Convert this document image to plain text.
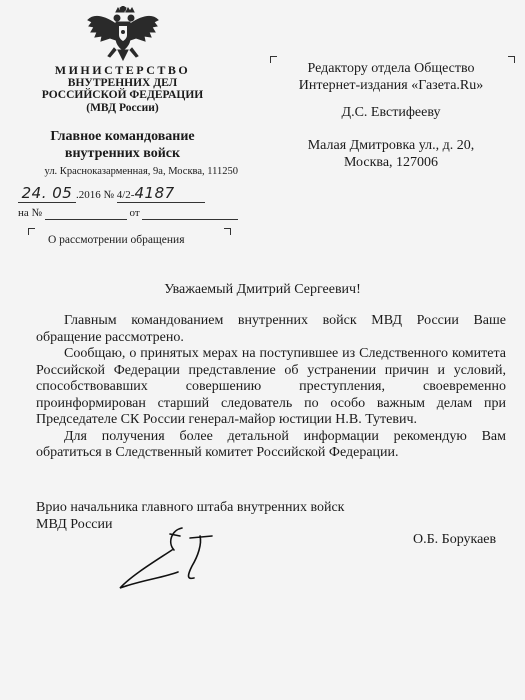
МИНИСТЕРСТВО
ВНУТРЕННИХ ДЕЛ
РОССИЙСКОЙ ФЕДЕРАЦИИ
(МВД России)
Главное командование
внутренних войск
ул. Красноказарменная, 9а, Москва, 111250
24. 05 .2016 № 4/2-4187
на №	от
О рассмотрении обращения
Редактору отдела Общество
Интернет-издания «Газета.Ru»
Д.С. Евстифееву
Малая Дмитровка ул., д. 20,
Москва, 127006
Уважаемый Дмитрий Сергеевич!

Главным командованием внутренних войск МВД России Ваше обращение рассмотрено.

Сообщаю, о принятых мерах на поступившее из Следственного комитета Российской Федерации представление об устранении причин и условий, способствовавших совершению преступления, своевременно проинформирован старший следователь по особо важным делам при Председателе СК России генерал-майор юстиции Н.В. Тутевич.

Для получения более детальной информации рекомендую Вам обратиться в Следственный комитет Российской Федерации.

Врио начальника главного штаба внутренних войск
МВД России
О.Б. Борукаев
